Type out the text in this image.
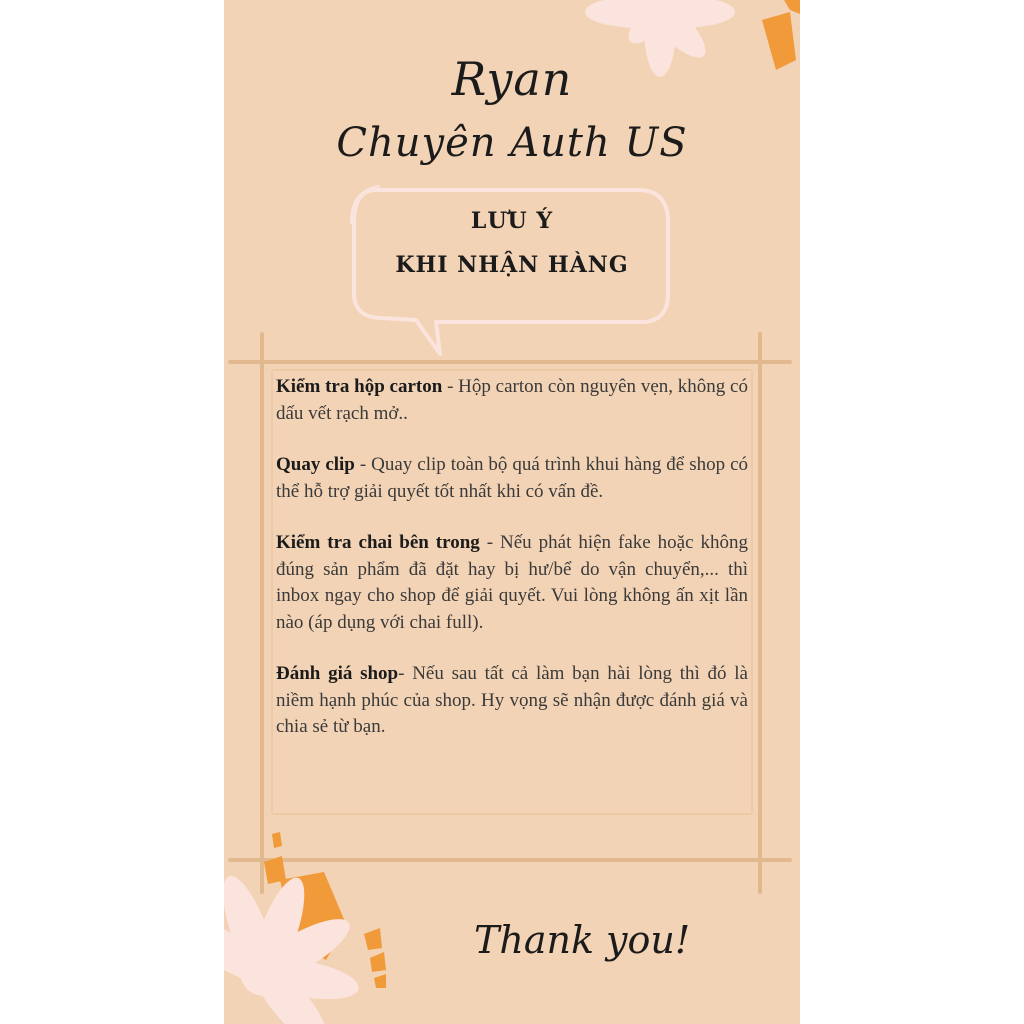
Ryan
Chuyên Auth US
LƯU Ý
KHI NHẬN HÀNG

Kiểm tra hộp carton - Hộp carton còn nguyên vẹn, không có dấu vết rạch mở..

Quay clip - Quay clip toàn bộ quá trình khui hàng để shop có thể hỗ trợ giải quyết tốt nhất khi có vấn đề.

Kiểm tra chai bên trong - Nếu phát hiện fake hoặc không đúng sản phẩm đã đặt hay bị hư/bể do vận chuyển,... thì inbox ngay cho shop để giải quyết. Vui lòng không ấn xịt lần nào (áp dụng với chai full).

Đánh giá shop- Nếu sau tất cả làm bạn hài lòng thì đó là niềm hạnh phúc của shop. Hy vọng sẽ nhận được đánh giá và chia sẻ từ bạn.

Thank you!
